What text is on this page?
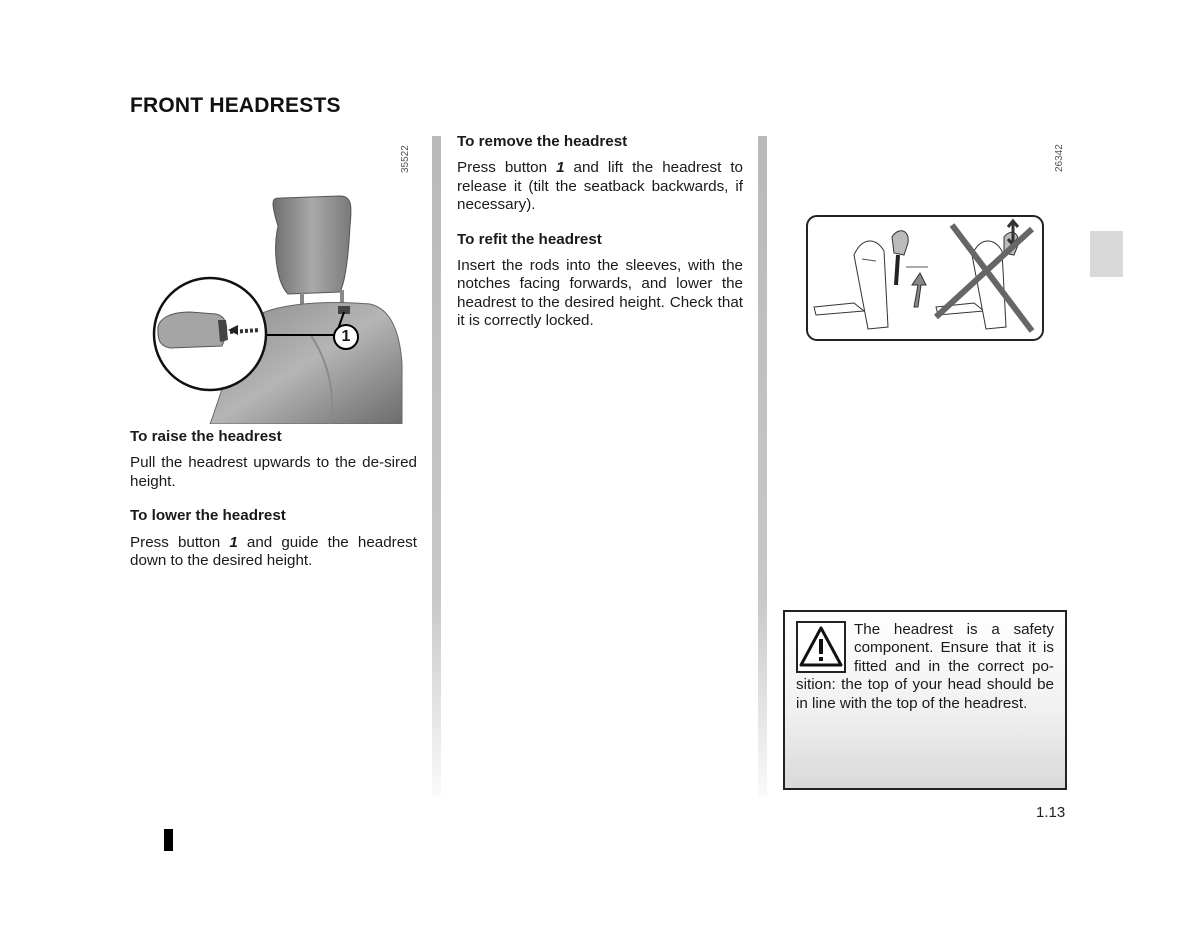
FRONT HEADRESTS
1
35522
To raise the headrest

Pull the headrest upwards to the de-sired height.

To lower the headrest

Press button 1 and guide the headrest down to the desired height.

To remove the headrest

Press button 1 and lift the headrest to release it (tilt the seatback backwards, if necessary).

To refit the headrest

Insert the rods into the sleeves, with the notches facing forwards, and lower the headrest to the desired height. Check that it is correctly locked.

26342

The headrest is a safety component. Ensure that it is fitted and in the correct po-sition: the top of your head should be in line with the top of the headrest.

1.13
